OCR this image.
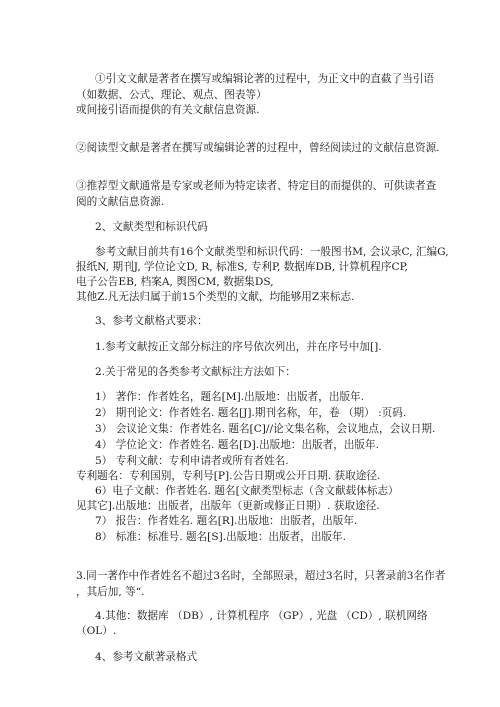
①引文文献是著者在撰写或编辑论著的过程中，为正文中的直截了当引语
（如数据、公式、理论、观点、图表等）
或间接引语而提供的有关文献信息资源.
②阅读型文献是著者在撰写或编辑论著的过程中，曾经阅读过的文献信息资源.
③推荐型文献通常是专家或老师为特定读者、特定目的而提供的、可供读者查
阅的文献信息资源.
2、文献类型和标识代码
参考文献目前共有16个文献类型和标识代码：一般图书M, 会议录C, 汇编G,
报纸N, 期刊J, 学位论文D, R, 标准S, 专利P, 数据库DB, 计算机程序CP,
电子公告EB, 档案A, 舆图CM, 数据集DS,
其他Z.凡无法归属于前15个类型的文献，均能够用Z来标志.
3、参考文献格式要求：
1.参考文献按正文部分标注的序号依次列出，并在序号中加[].
2.关于常见的各类参考文献标注方法如下：
1） 著作：作者姓名，题名[M].出版地：出版者，出版年.
2） 期刊论文：作者姓名. 题名[J].期刊名称，年，卷 （期） :页码.
3） 会议论文集：作者姓名. 题名[C]//论文集名称，会议地点，会议日期.
4） 学位论文：作者姓名. 题名[D].出版地：出版者，出版年.
5） 专利文献：专利申请者或所有者姓名.
专利题名：专利国别，专利号[P].公告日期或公开日期. 获取途径.
6）电子文献：作者姓名. 题名[文献类型标志（含文献载体标志）
见其它].出版地：出版者，出版年（更新或修正日期）. 获取途径.
7） 报告：作者姓名. 题名[R].出版地：出版者，出版年.
8） 标准：标准号. 题名[S].出版地：出版者，出版年.
3.同一著作中作者姓名不超过3名时，全部照录，超过3名时，只著录前3名作者
，其后加, 等“.
4.其他：数据库 （DB）, 计算机程序 （GP）, 光盘 （CD）, 联机网络
（OL）.
4、参考文献著录格式
